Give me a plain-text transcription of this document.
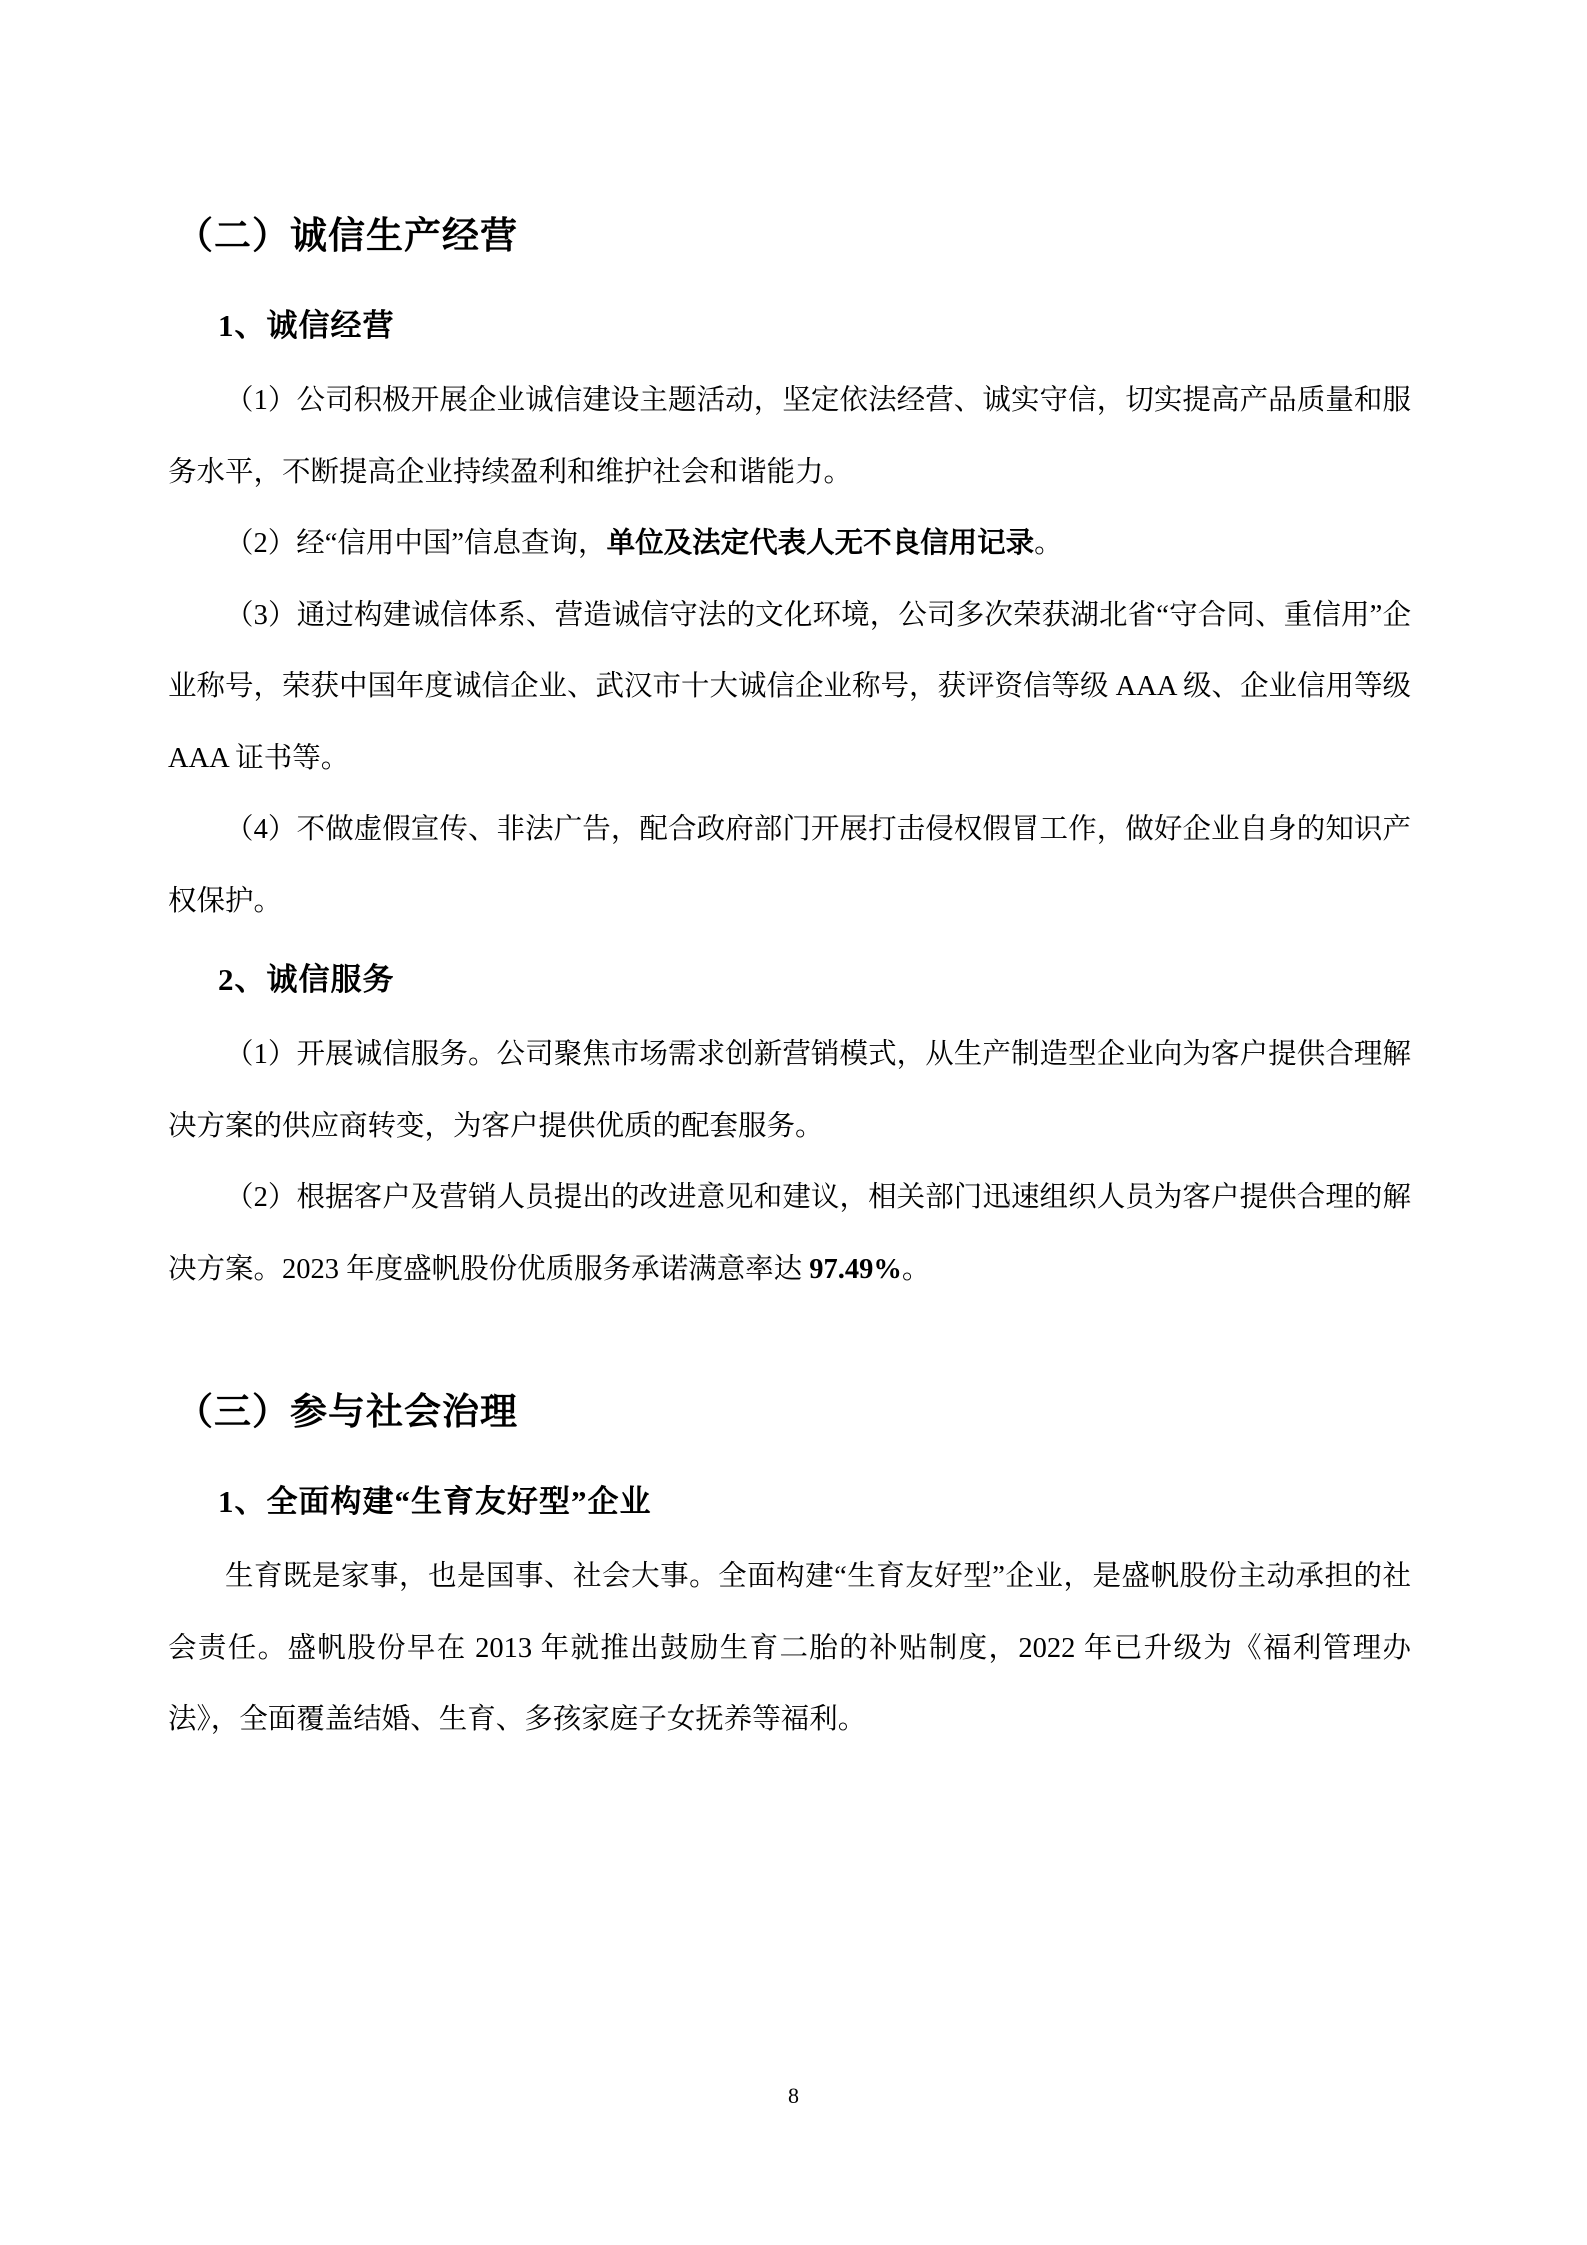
（二）诚信生产经营
1、诚信经营

（1）公司积极开展企业诚信建设主题活动，坚定依法经营、诚实守信，切实提高产品质量和服务水平，不断提高企业持续盈利和维护社会和谐能力。

（2）经“信用中国”信息查询，单位及法定代表人无不良信用记录。

（3）通过构建诚信体系、营造诚信守法的文化环境，公司多次荣获湖北省“守合同、重信用”企业称号，荣获中国年度诚信企业、武汉市十大诚信企业称号，获评资信等级 AAA 级、企业信用等级 AAA 证书等。

（4）不做虚假宣传、非法广告，配合政府部门开展打击侵权假冒工作，做好企业自身的知识产权保护。

2、诚信服务

（1）开展诚信服务。公司聚焦市场需求创新营销模式，从生产制造型企业向为客户提供合理解决方案的供应商转变，为客户提供优质的配套服务。

（2）根据客户及营销人员提出的改进意见和建议，相关部门迅速组织人员为客户提供合理的解决方案。2023 年度盛帆股份优质服务承诺满意率达 97.49%。

（三）参与社会治理
1、全面构建“生育友好型”企业

生育既是家事，也是国事、社会大事。全面构建“生育友好型”企业，是盛帆股份主动承担的社会责任。盛帆股份早在 2013 年就推出鼓励生育二胎的补贴制度，2022 年已升级为《福利管理办法》，全面覆盖结婚、生育、多孩家庭子女抚养等福利。

8
